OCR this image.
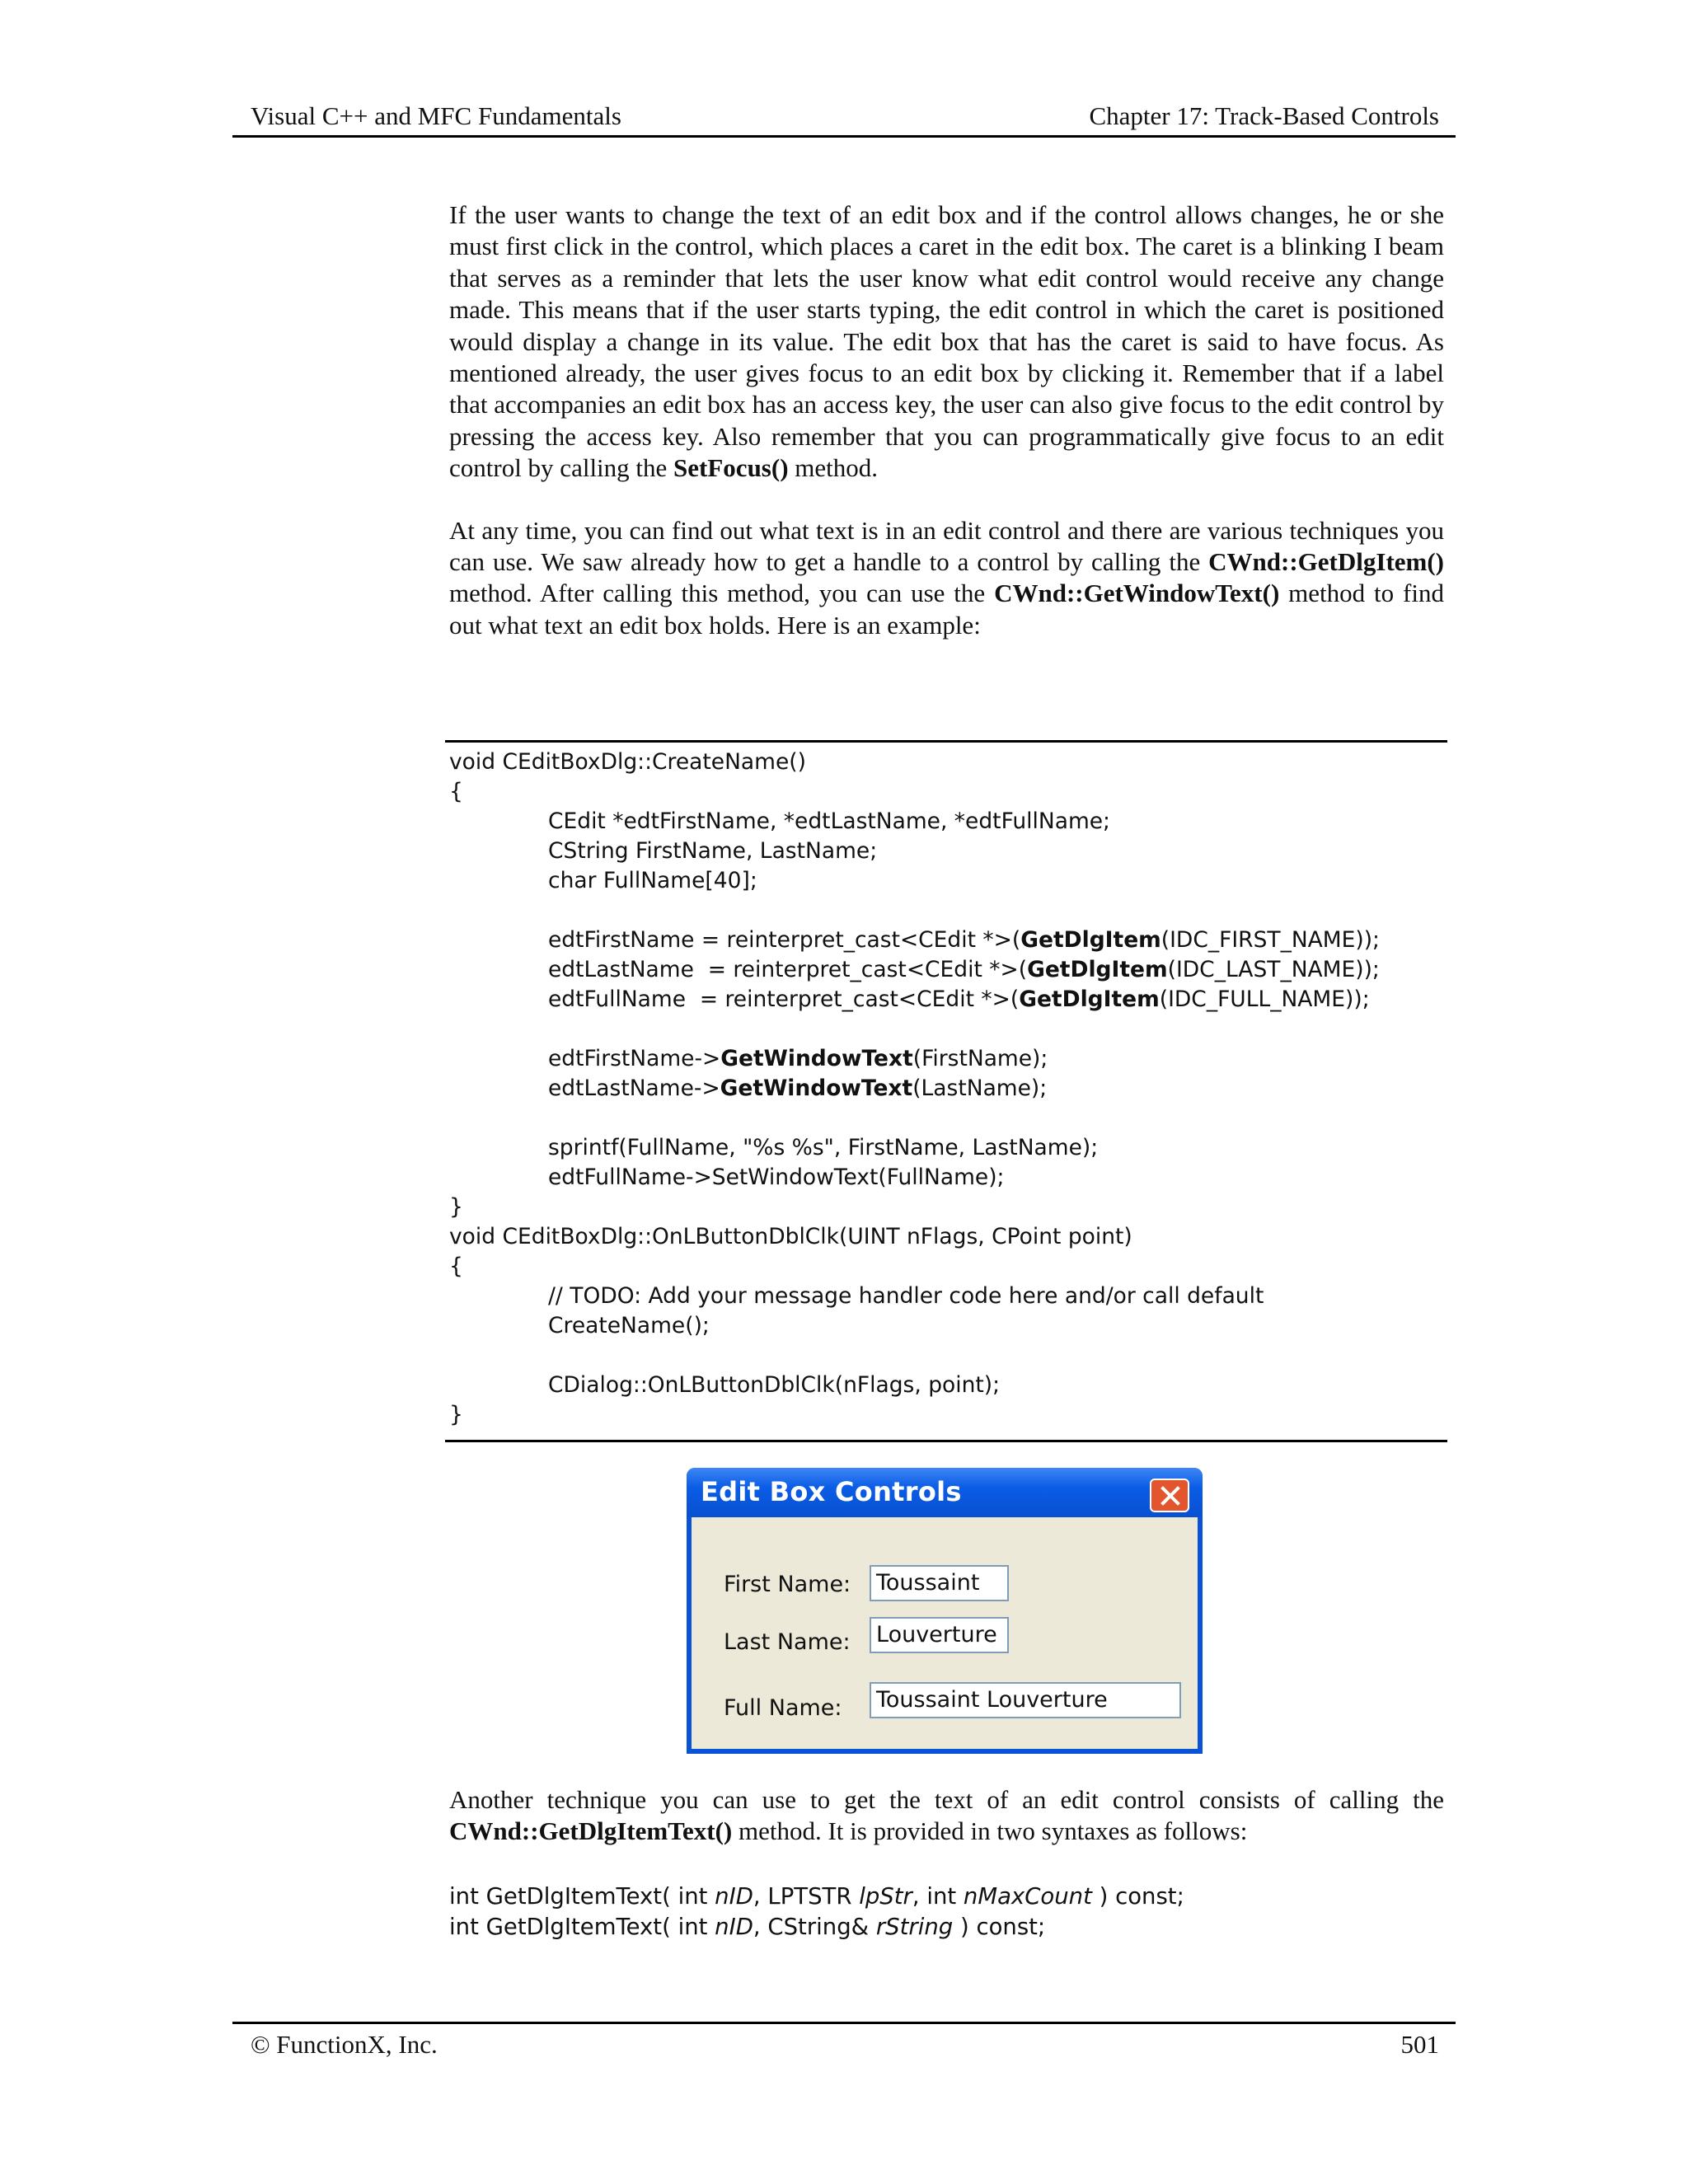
Visual C++ and MFC Fundamentals	Chapter 17: Track-Based Controls

If the user wants to change the text of an edit box and if the control allows changes, he or she must first click in the control, which places a caret in the edit box. The caret is a blinking I beam that serves as a reminder that lets the user know what edit control would receive any change made. This means that if the user starts typing, the edit control in which the caret is positioned would display a change in its value. The edit box that has the caret is said to have focus. As mentioned already, the user gives focus to an edit box by clicking it. Remember that if a label that accompanies an edit box has an access key, the user can also give focus to the edit control by pressing the access key. Also remember that you can programmatically give focus to an edit control by calling the SetFocus() method.

At any time, you can find out what text is in an edit control and there are various techniques you can use. We saw already how to get a handle to a control by calling the CWnd::GetDlgItem() method. After calling this method, you can use the CWnd::GetWindowText() method to find out what text an edit box holds. Here is an example:

void CEditBoxDlg::CreateName()
{
CEdit *edtFirstName, *edtLastName, *edtFullName;
CString FirstName, LastName;
char FullName[40];
edtFirstName = reinterpret_cast<CEdit *>(GetDlgItem(IDC_FIRST_NAME));
edtLastName  = reinterpret_cast<CEdit *>(GetDlgItem(IDC_LAST_NAME));
edtFullName  = reinterpret_cast<CEdit *>(GetDlgItem(IDC_FULL_NAME));
edtFirstName->GetWindowText(FirstName);
edtLastName->GetWindowText(LastName);
sprintf(FullName, "%s %s", FirstName, LastName);
edtFullName->SetWindowText(FullName);
}
void CEditBoxDlg::OnLButtonDblClk(UINT nFlags, CPoint point)
{
// TODO: Add your message handler code here and/or call default
CreateName();
CDialog::OnLButtonDblClk(nFlags, point);
}
Edit Box Controls
First Name: Toussaint
Last Name: Louverture
Full Name: Toussaint Louverture

Another technique you can use to get the text of an edit control consists of calling the CWnd::GetDlgItemText() method. It is provided in two syntaxes as follows:

int GetDlgItemText( int nID, LPTSTR lpStr, int nMaxCount ) const;
int GetDlgItemText( int nID, CString& rString ) const;
© FunctionX, Inc.	501
